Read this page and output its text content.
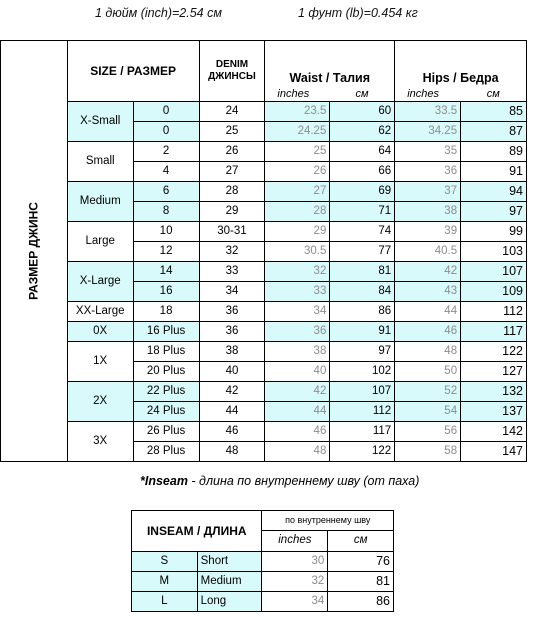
1 дюйм (inch)=2.54 см	1 фунт (lb)=0.454 кг
РАЗМЕР ДЖИНС	SIZE / РАЗМЕР		DENIM
ДЖИНСЫ	Waist / Талия		Hips / Бедра	
				inches	см	inches	см
	X-Small	0	24	23.5	60	33.5	85
		0	25	24.25	62	34.25	87
	Small	2	26	25	64	35	89
		4	27	26	66	36	91
	Medium	6	28	27	69	37	94
		8	29	28	71	38	97
	Large	10	30-31	29	74	39	99
		12	32	30.5	77	40.5	103
	X-Large	14	33	32	81	42	107
		16	34	33	84	43	109
	XX-Large	18	36	34	86	44	112
	0X	16 Plus	36	36	91	46	117
	1X	18 Plus	38	38	97	48	122
		20 Plus	40	40	102	50	127
	2X	22 Plus	42	42	107	52	132
		24 Plus	44	44	112	54	137
	3X	26 Plus	46	46	117	56	142
		28 Plus	48	48	122	58	147
*Inseam - длина по внутреннему шву (от паха)
INSEAM / ДЛИНА		по внутреннему шву	
		inches	см
S	Short	30	76
M	Medium	32	81
L	Long	34	86
